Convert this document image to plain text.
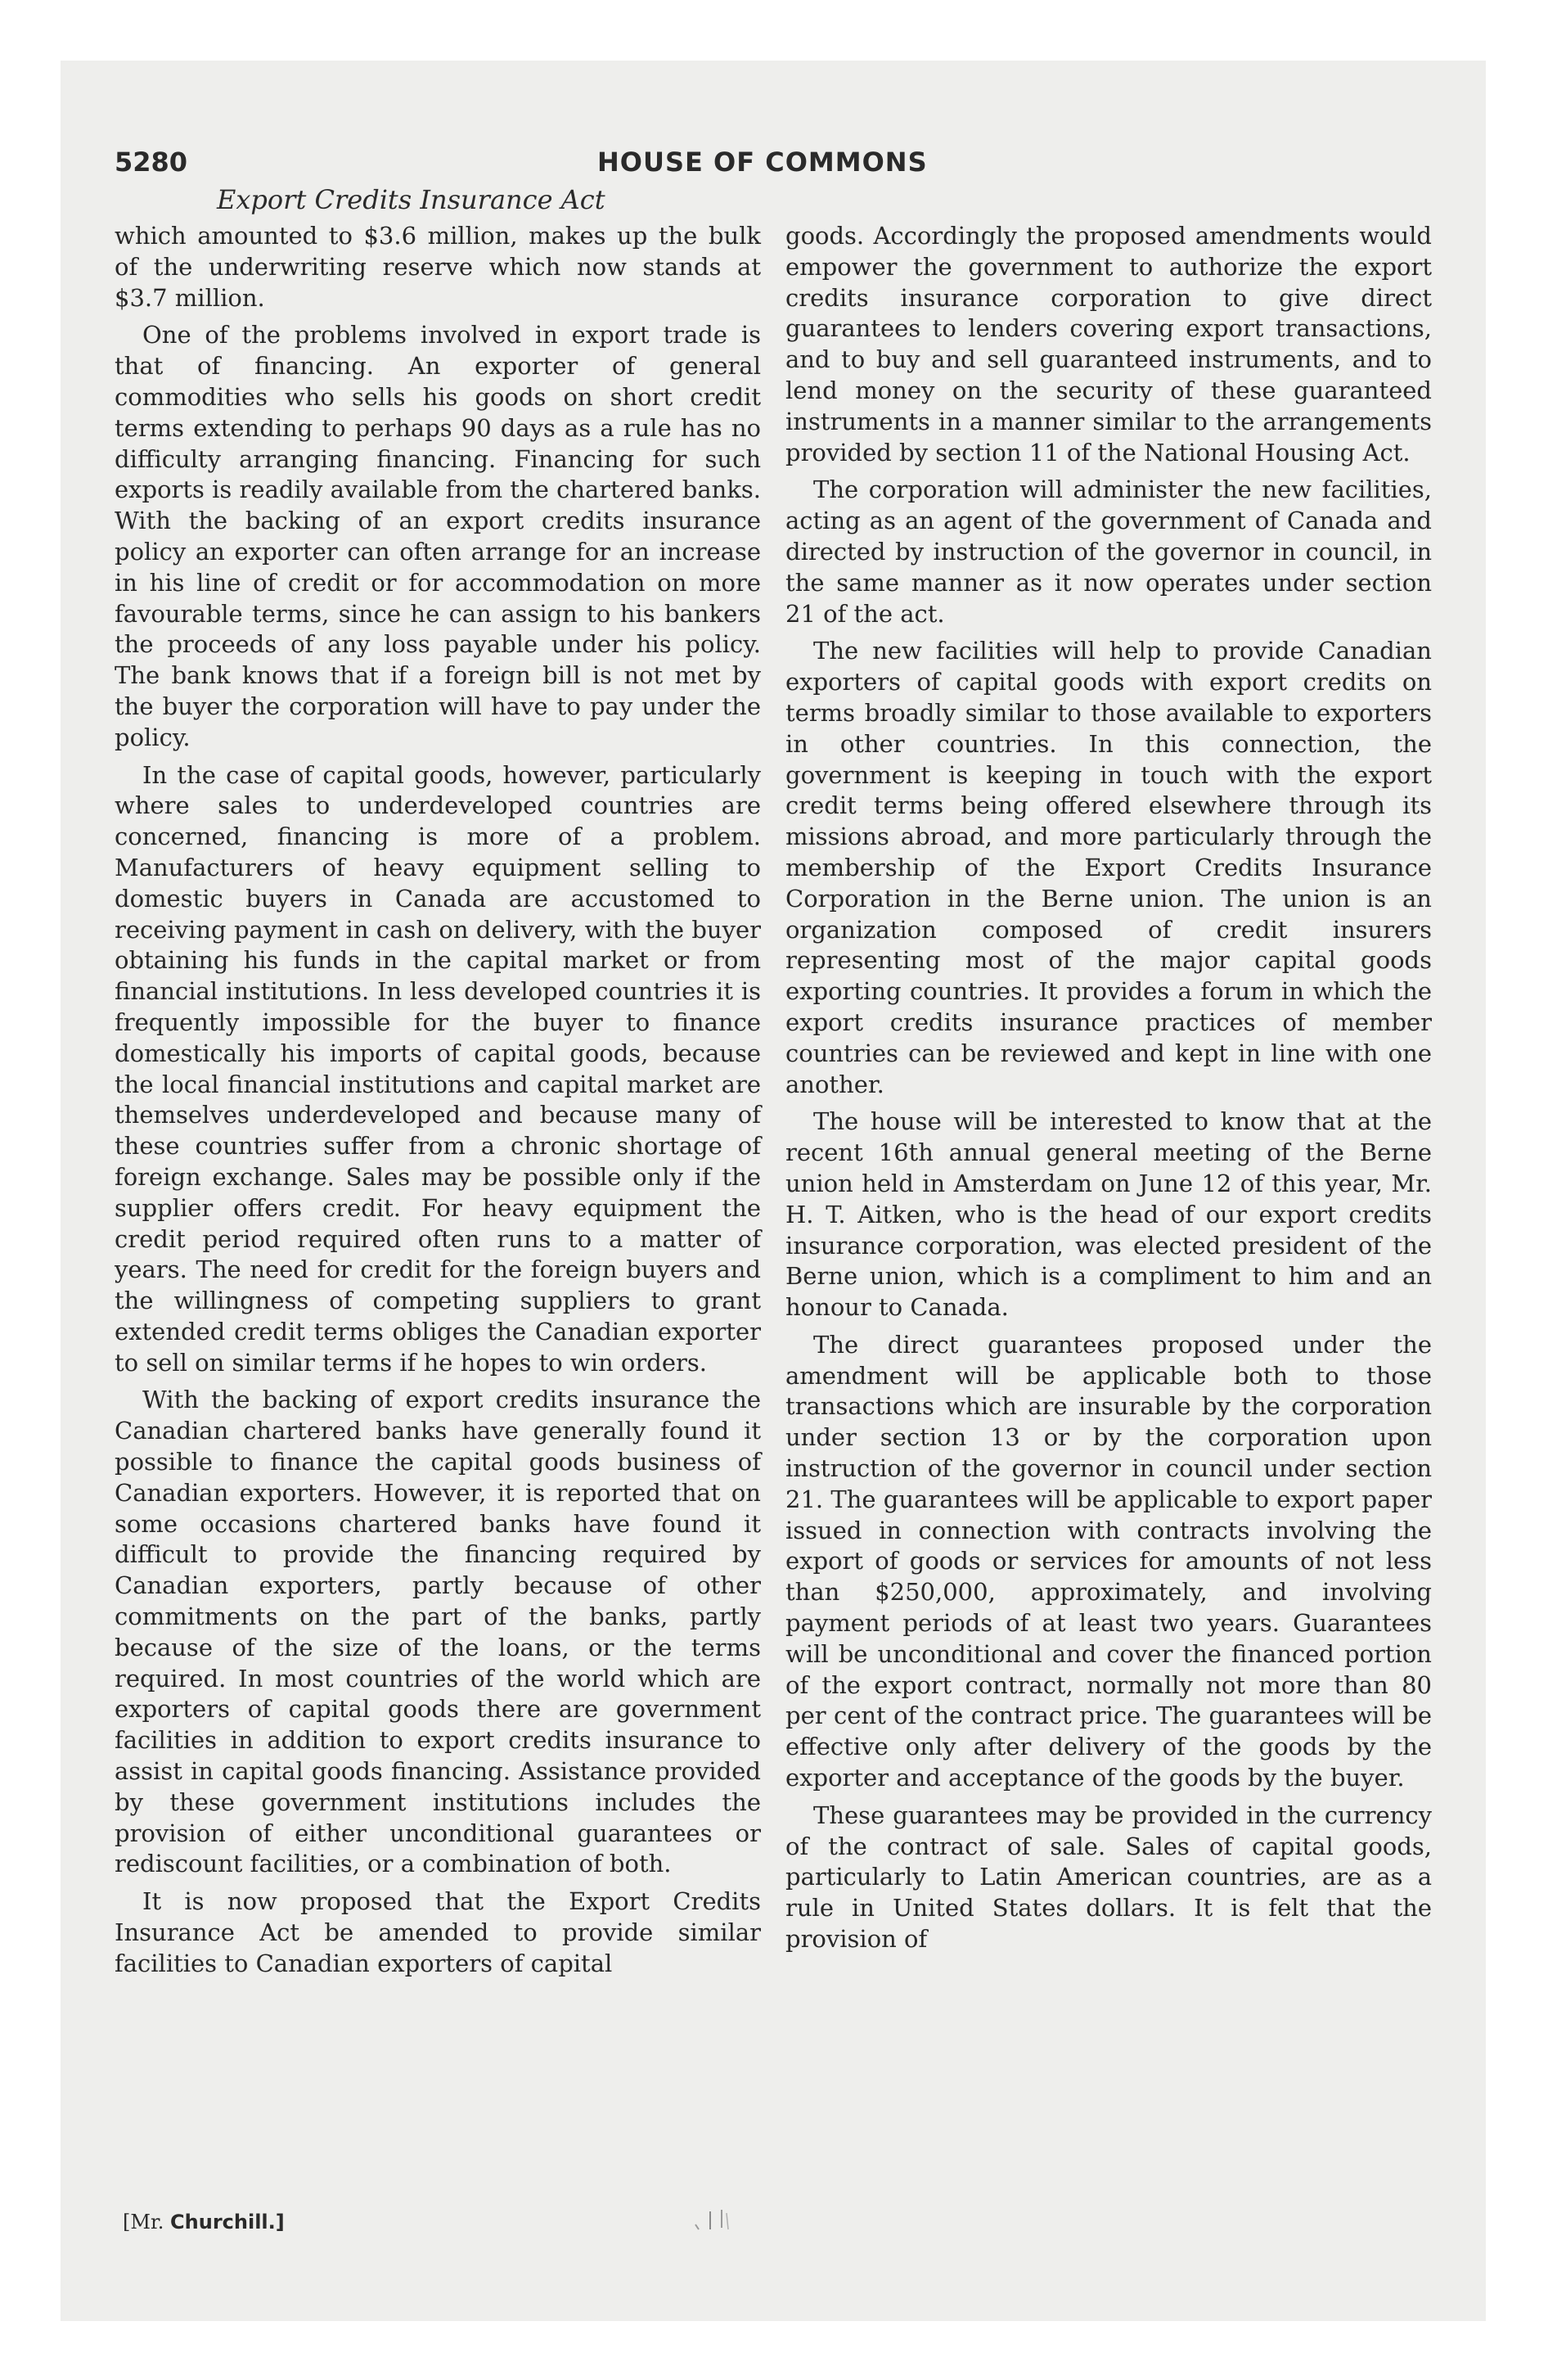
5280	HOUSE OF COMMONS
Export Credits Insurance Act

which amounted to $3.6 million, makes up the bulk of the underwriting reserve which now stands at $3.7 million.

One of the problems involved in export trade is that of financing. An exporter of general commodities who sells his goods on short credit terms extending to perhaps 90 days as a rule has no difficulty arranging financing. Financing for such exports is readily available from the chartered banks. With the backing of an export credits insurance policy an exporter can often arrange for an increase in his line of credit or for accommodation on more favourable terms, since he can assign to his bankers the proceeds of any loss payable under his policy. The bank knows that if a foreign bill is not met by the buyer the corporation will have to pay under the policy.

In the case of capital goods, however, particularly where sales to underdeveloped countries are concerned, financing is more of a problem. Manufacturers of heavy equipment selling to domestic buyers in Canada are accustomed to receiving payment in cash on delivery, with the buyer obtaining his funds in the capital market or from financial institutions. In less developed countries it is frequently impossible for the buyer to finance domestically his imports of capital goods, because the local financial institutions and capital market are themselves underdeveloped and because many of these countries suffer from a chronic shortage of foreign exchange. Sales may be possible only if the supplier offers credit. For heavy equipment the credit period required often runs to a matter of years. The need for credit for the foreign buyers and the willingness of competing suppliers to grant extended credit terms obliges the Canadian exporter to sell on similar terms if he hopes to win orders.

With the backing of export credits insurance the Canadian chartered banks have generally found it possible to finance the capital goods business of Canadian exporters. However, it is reported that on some occasions chartered banks have found it difficult to provide the financing required by Canadian exporters, partly because of other commitments on the part of the banks, partly because of the size of the loans, or the terms required. In most countries of the world which are exporters of capital goods there are government facilities in addition to export credits insurance to assist in capital goods financing. Assistance provided by these government institutions includes the provision of either unconditional guarantees or rediscount facilities, or a combination of both.

It is now proposed that the Export Credits Insurance Act be amended to provide similar facilities to Canadian exporters of capital

goods. Accordingly the proposed amendments would empower the government to authorize the export credits insurance corporation to give direct guarantees to lenders covering export transactions, and to buy and sell guaranteed instruments, and to lend money on the security of these guaranteed instruments in a manner similar to the arrangements provided by section 11 of the National Housing Act.

The corporation will administer the new facilities, acting as an agent of the government of Canada and directed by instruction of the governor in council, in the same manner as it now operates under section 21 of the act.

The new facilities will help to provide Canadian exporters of capital goods with export credits on terms broadly similar to those available to exporters in other countries. In this connection, the government is keeping in touch with the export credit terms being offered elsewhere through its missions abroad, and more particularly through the membership of the Export Credits Insurance Corporation in the Berne union. The union is an organization composed of credit insurers representing most of the major capital goods exporting countries. It provides a forum in which the export credits insurance practices of member countries can be reviewed and kept in line with one another.

The house will be interested to know that at the recent 16th annual general meeting of the Berne union held in Amsterdam on June 12 of this year, Mr. H. T. Aitken, who is the head of our export credits insurance corporation, was elected president of the Berne union, which is a compliment to him and an honour to Canada.

The direct guarantees proposed under the amendment will be applicable both to those transactions which are insurable by the corporation under section 13 or by the corporation upon instruction of the governor in council under section 21. The guarantees will be applicable to export paper issued in connection with contracts involving the export of goods or services for amounts of not less than $250,000, approximately, and involving payment periods of at least two years. Guarantees will be unconditional and cover the financed portion of the export contract, normally not more than 80 per cent of the contract price. The guarantees will be effective only after delivery of the goods by the exporter and acceptance of the goods by the buyer.

These guarantees may be provided in the currency of the contract of sale. Sales of capital goods, particularly to Latin American countries, are as a rule in United States dollars. It is felt that the provision of

[Mr. Churchill.]
